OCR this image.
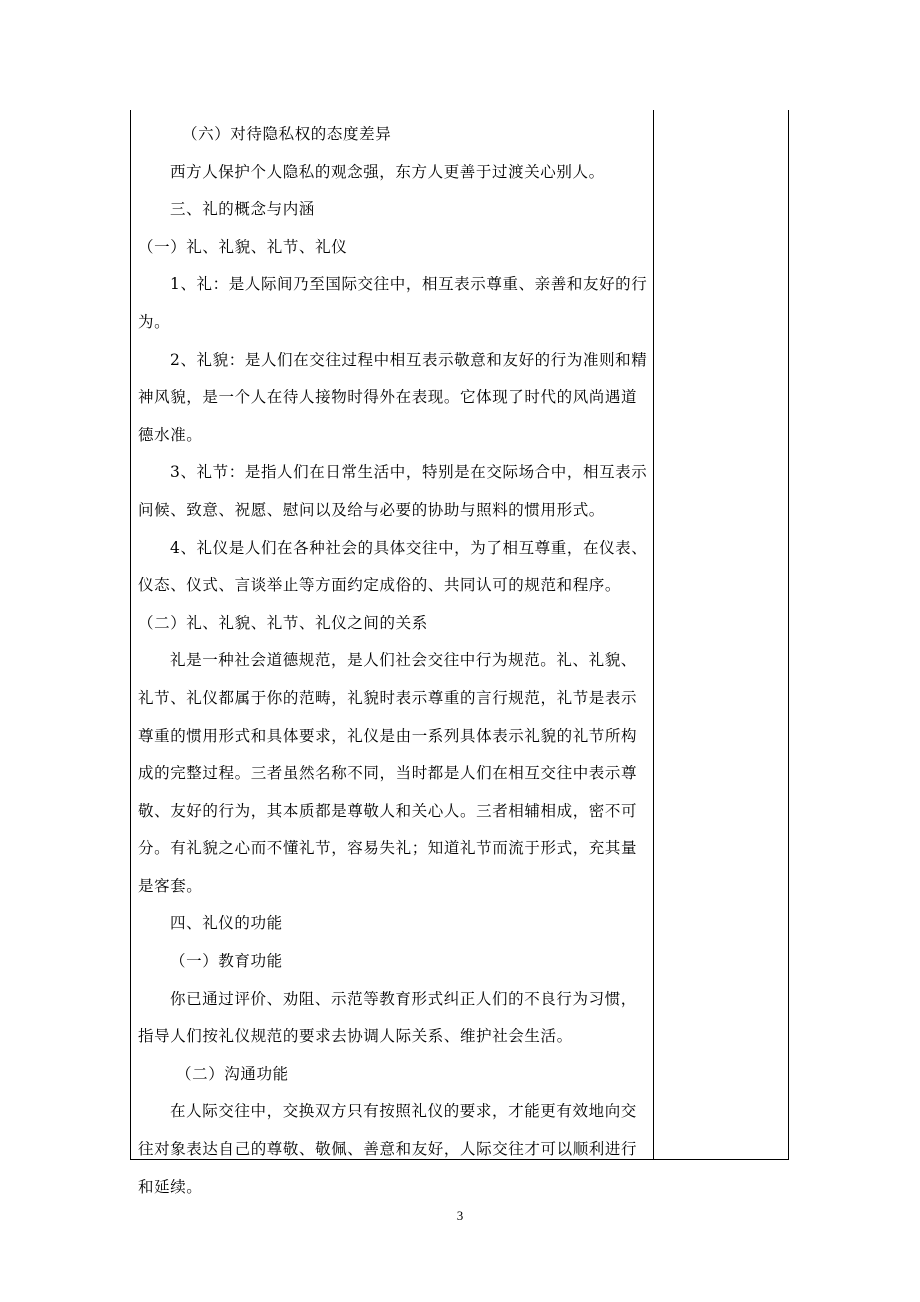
（六）对待隐私权的态度差异

西方人保护个人隐私的观念强，东方人更善于过渡关心别人。

三、礼的概念与内涵

（一）礼、礼貌、礼节、礼仪

1、礼：是人际间乃至国际交往中，相互表示尊重、亲善和友好的行

为。

2、礼貌：是人们在交往过程中相互表示敬意和友好的行为准则和精

神风貌，是一个人在待人接物时得外在表现。它体现了时代的风尚遇道

德水准。

3、礼节：是指人们在日常生活中，特别是在交际场合中，相互表示

问候、致意、祝愿、慰问以及给与必要的协助与照料的惯用形式。

4、礼仪是人们在各种社会的具体交往中，为了相互尊重，在仪表、

仪态、仪式、言谈举止等方面约定成俗的、共同认可的规范和程序。

（二）礼、礼貌、礼节、礼仪之间的关系

礼是一种社会道德规范，是人们社会交往中行为规范。礼、礼貌、

礼节、礼仪都属于你的范畴，礼貌时表示尊重的言行规范，礼节是表示

尊重的惯用形式和具体要求，礼仪是由一系列具体表示礼貌的礼节所构

成的完整过程。三者虽然名称不同，当时都是人们在相互交往中表示尊

敬、友好的行为，其本质都是尊敬人和关心人。三者相辅相成，密不可

分。有礼貌之心而不懂礼节，容易失礼；知道礼节而流于形式，充其量

是客套。

四、礼仪的功能

（一）教育功能

你已通过评价、劝阻、示范等教育形式纠正人们的不良行为习惯，

指导人们按礼仪规范的要求去协调人际关系、维护社会生活。

（二）沟通功能

在人际交往中，交换双方只有按照礼仪的要求，才能更有效地向交

往对象表达自己的尊敬、敬佩、善意和友好，人际交往才可以顺利进行

和延续。

3
